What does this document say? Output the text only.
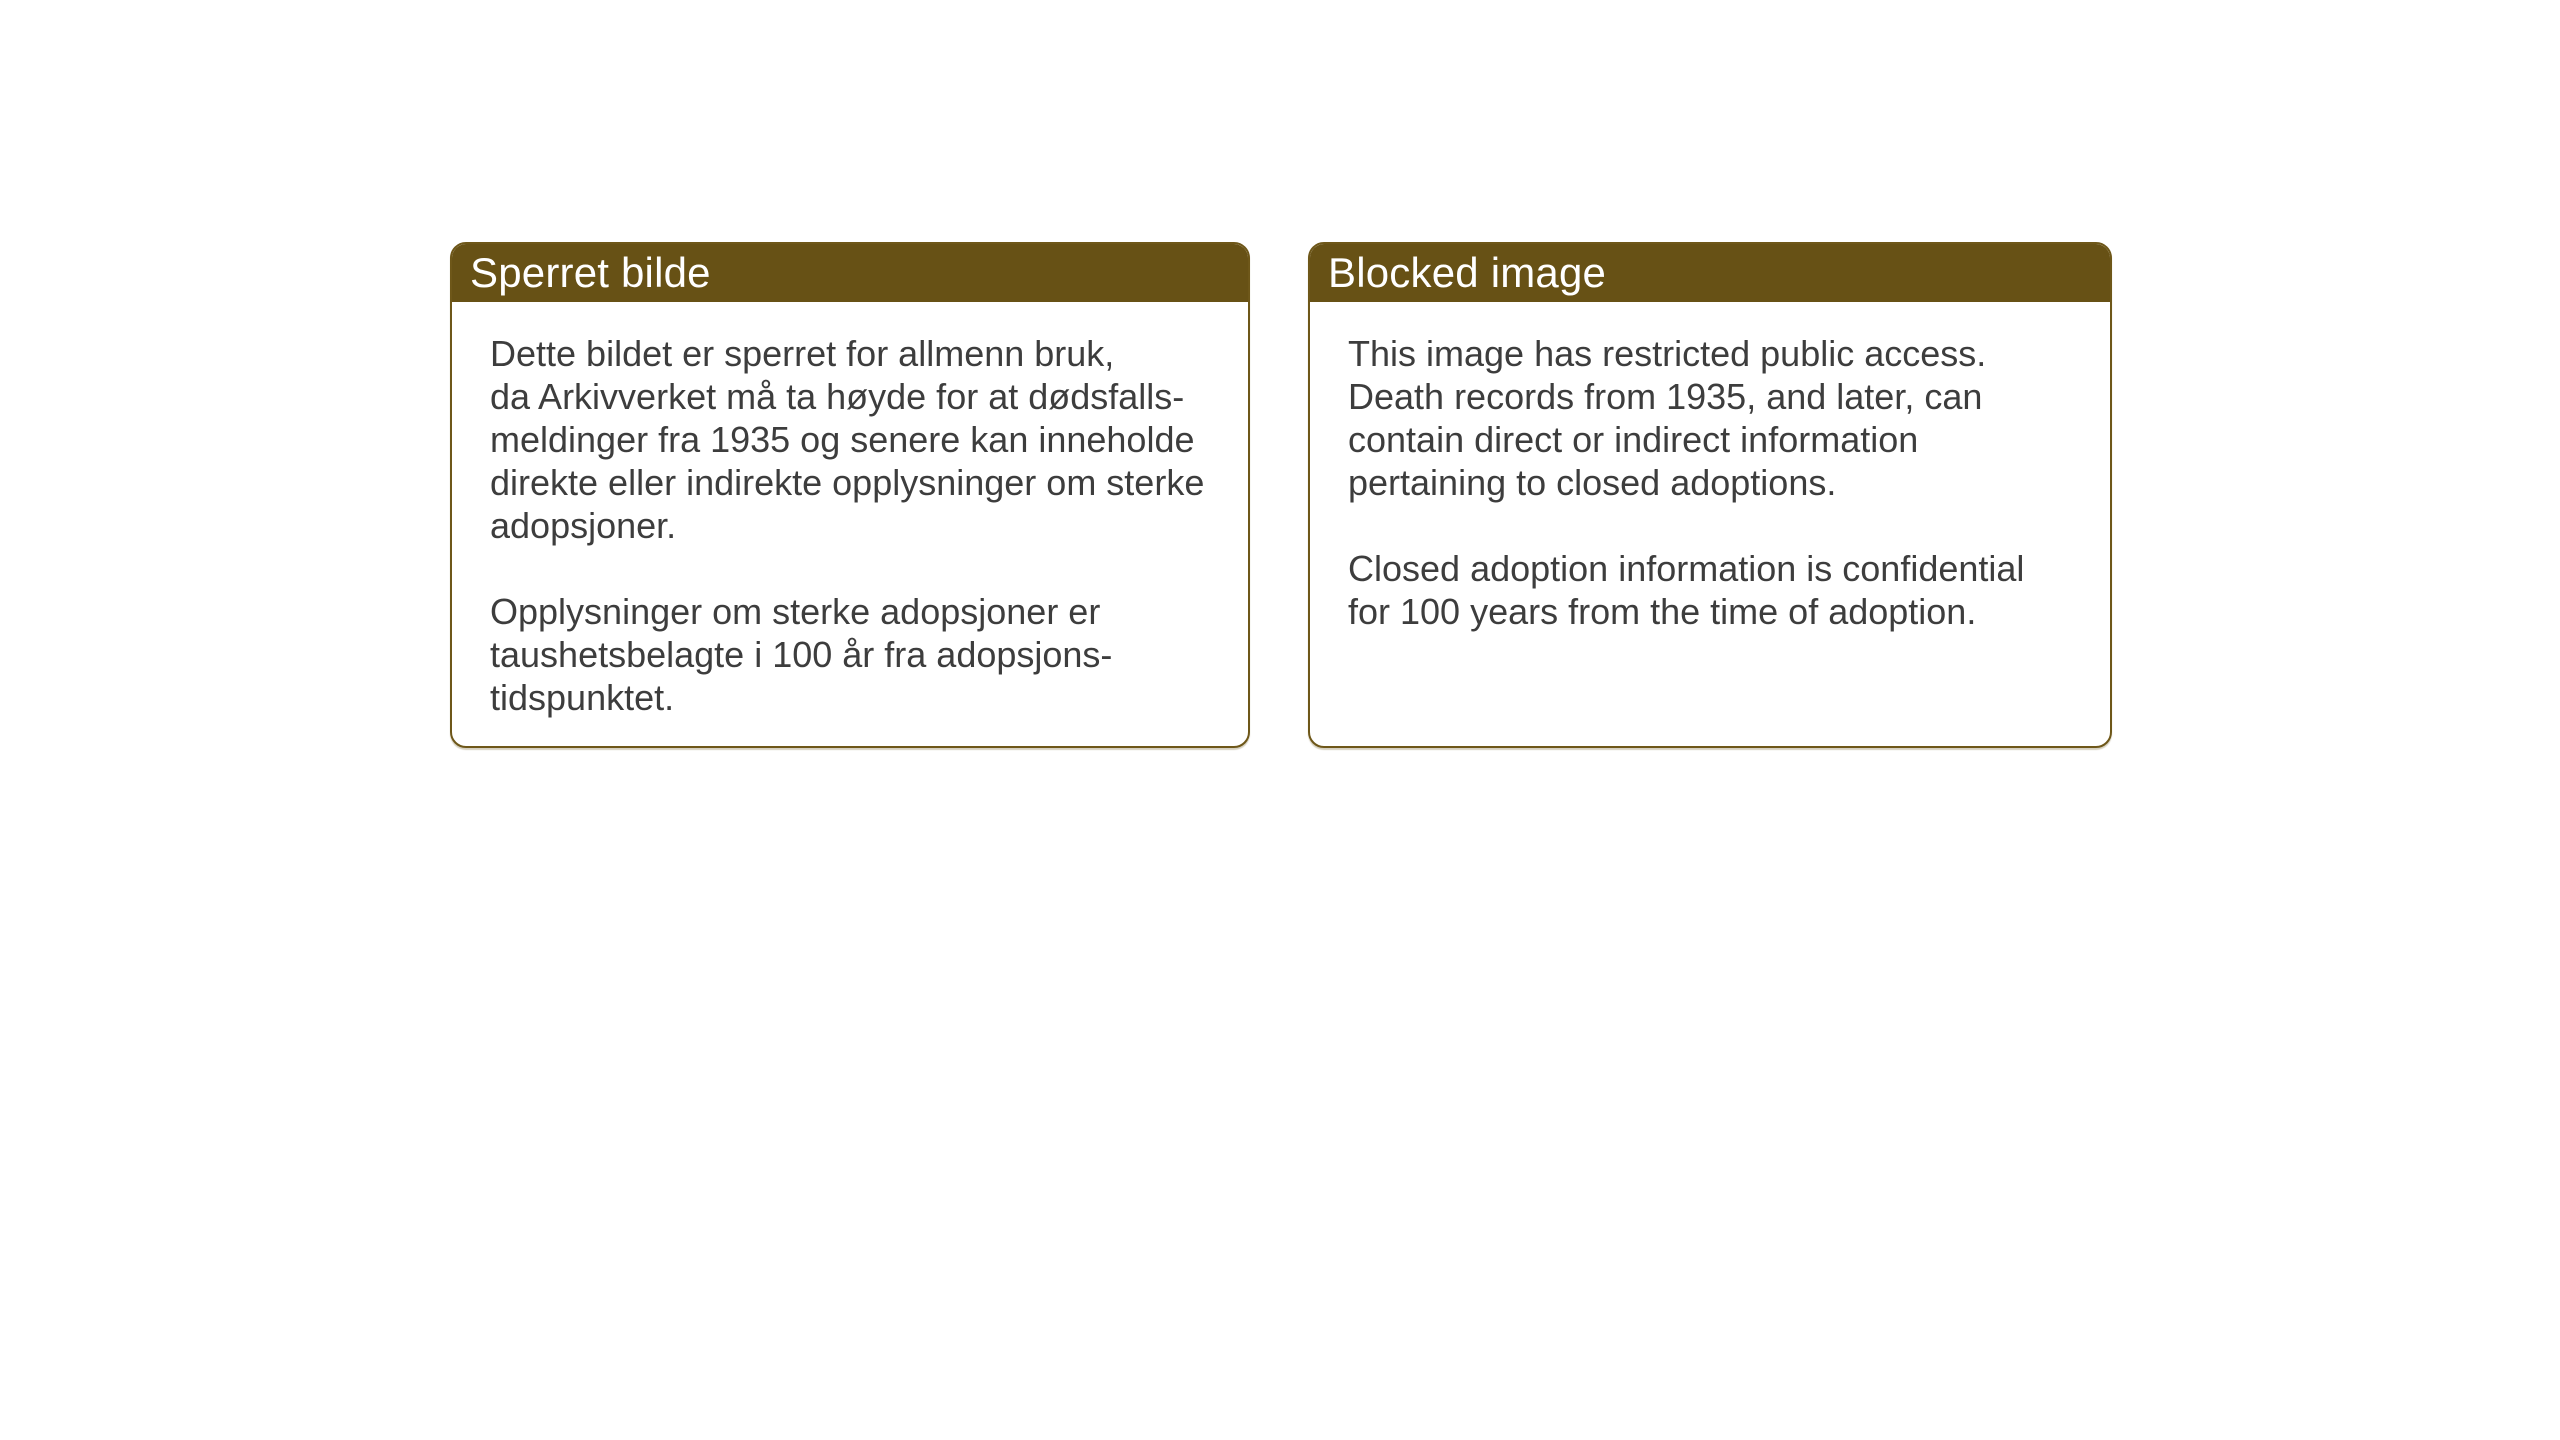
Sperret bilde
Dette bildet er sperret for allmenn bruk,
da Arkivverket må ta høyde for at dødsfalls-
meldinger fra 1935 og senere kan inneholde
direkte eller indirekte opplysninger om sterke
adopsjoner.
Opplysninger om sterke adopsjoner er
taushetsbelagte i 100 år fra adopsjons-
tidspunktet.
Blocked image
This image has restricted public access.
Death records from 1935, and later, can
contain direct or indirect information
pertaining to closed adoptions.
Closed adoption information is confidential
for 100 years from the time of adoption.
